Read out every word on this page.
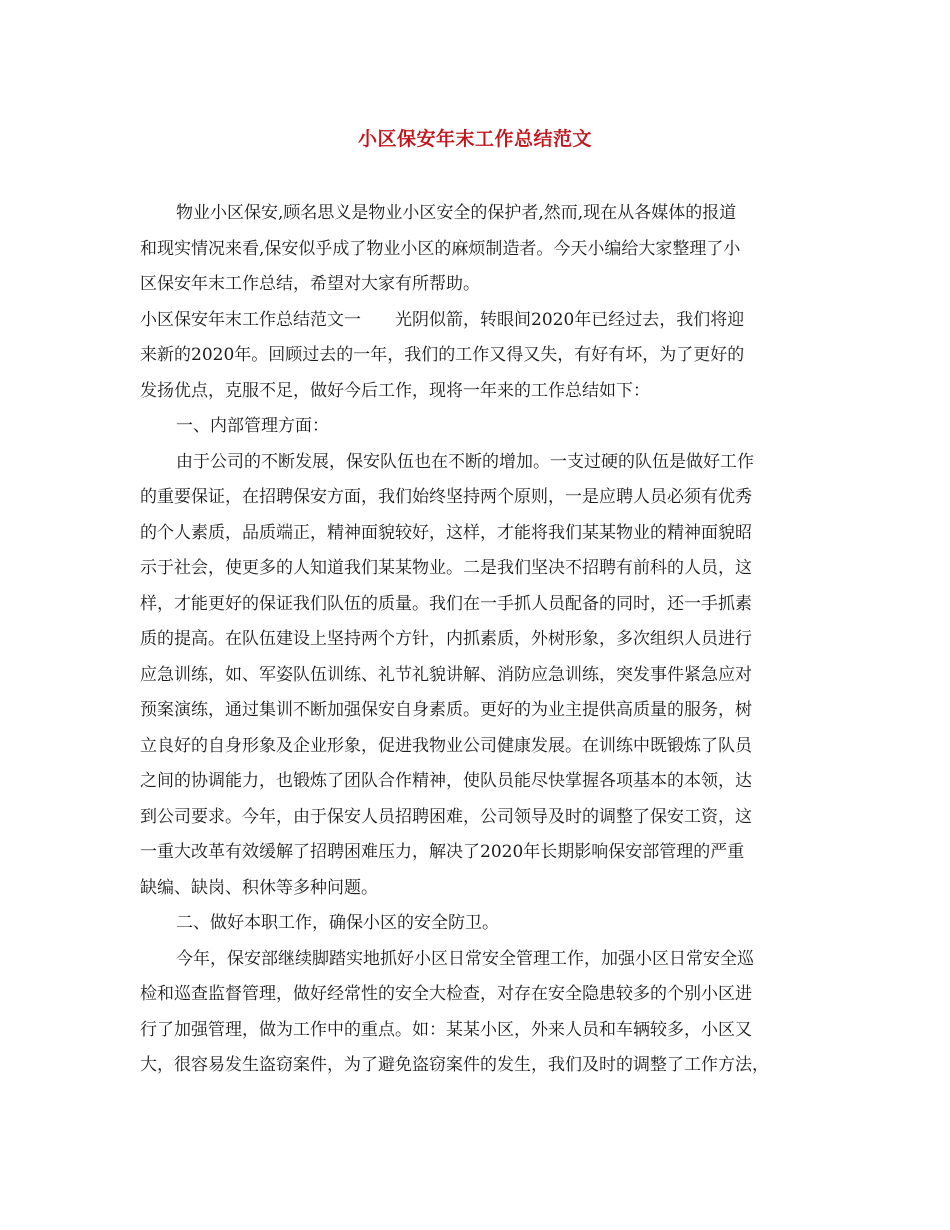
小区保安年末工作总结范文
物业小区保安,顾名思义是物业小区安全的保护者,然而,现在从各媒体的报道
和现实情况来看,保安似乎成了物业小区的麻烦制造者。今天小编给大家整理了小
区保安年末工作总结，希望对大家有所帮助。
小区保安年末工作总结范文一　　光阴似箭，转眼间2020年已经过去，我们将迎
来新的2020年。回顾过去的一年，我们的工作又得又失，有好有坏，为了更好的
发扬优点，克服不足，做好今后工作，现将一年来的工作总结如下：
一、内部管理方面：
由于公司的不断发展，保安队伍也在不断的增加。一支过硬的队伍是做好工作
的重要保证，在招聘保安方面，我们始终坚持两个原则，一是应聘人员必须有优秀
的个人素质，品质端正，精神面貌较好，这样，才能将我们某某物业的精神面貌昭
示于社会，使更多的人知道我们某某物业。二是我们坚决不招聘有前科的人员，这
样，才能更好的保证我们队伍的质量。我们在一手抓人员配备的同时，还一手抓素
质的提高。在队伍建设上坚持两个方针，内抓素质，外树形象，多次组织人员进行
应急训练，如、军姿队伍训练、礼节礼貌讲解、消防应急训练，突发事件紧急应对
预案演练，通过集训不断加强保安自身素质。更好的为业主提供高质量的服务，树
立良好的自身形象及企业形象，促进我物业公司健康发展。在训练中既锻炼了队员
之间的协调能力，也锻炼了团队合作精神，使队员能尽快掌握各项基本的本领，达
到公司要求。今年，由于保安人员招聘困难，公司领导及时的调整了保安工资，这
一重大改革有效缓解了招聘困难压力，解决了2020年长期影响保安部管理的严重
缺编、缺岗、积休等多种问题。
二、做好本职工作，确保小区的安全防卫。
今年，保安部继续脚踏实地抓好小区日常安全管理工作，加强小区日常安全巡
检和巡查监督管理，做好经常性的安全大检查，对存在安全隐患较多的个别小区进
行了加强管理，做为工作中的重点。如：某某小区，外来人员和车辆较多，小区又
大，很容易发生盗窃案件，为了避免盗窃案件的发生，我们及时的调整了工作方法，
